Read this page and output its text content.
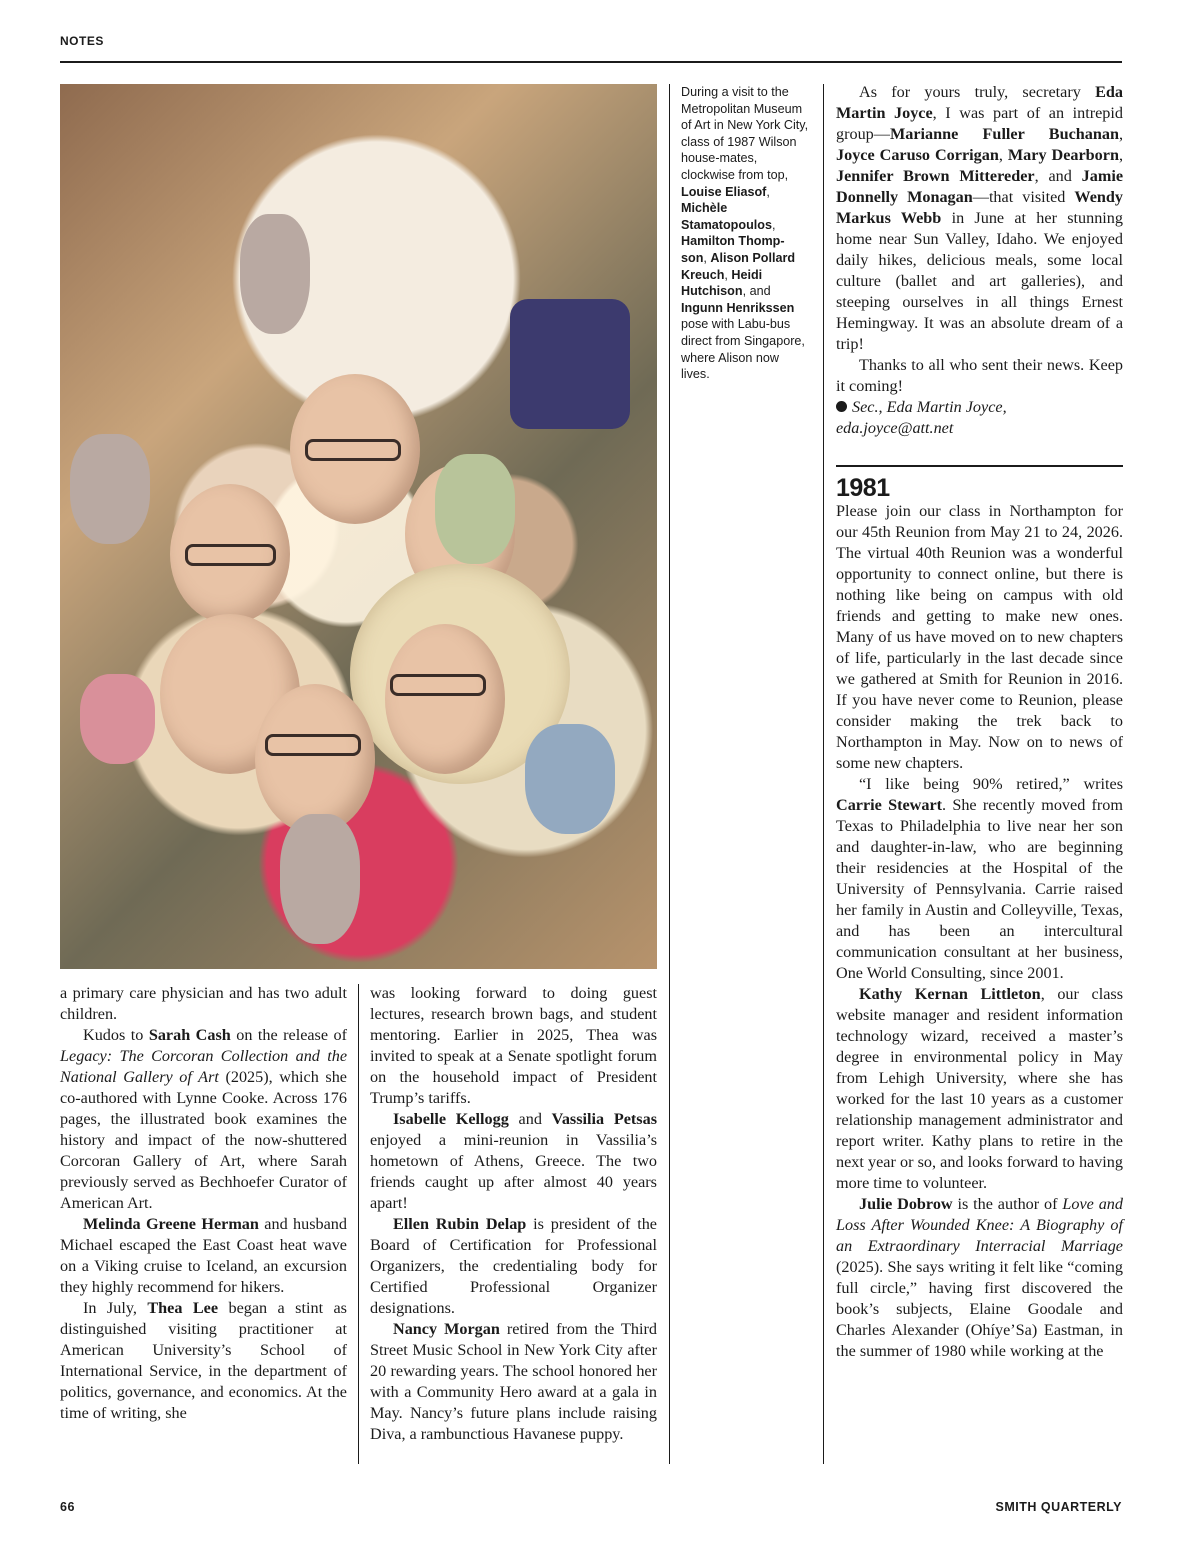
NOTES
During a visit to the Metropolitan Museum of Art in New York City, class of 1987 Wilson house-mates, clockwise from top, Louise Eliasof, Michèle Stamatopoulos, Hamilton Thomp-son, Alison Pollard Kreuch, Heidi Hutchison, and Ingunn Henrikssen pose with Labu-bus direct from Singapore, where Alison now lives.

a primary care physician and has two adult children.

Kudos to Sarah Cash on the release of Legacy: The Corcoran Collection and the National Gallery of Art (2025), which she co-authored with Lynne Cooke. Across 176 pages, the illustrated book examines the history and impact of the now-shuttered Corcoran Gallery of Art, where Sarah previously served as Bechhoefer Curator of American Art.

Melinda Greene Herman and husband Michael escaped the East Coast heat wave on a Viking cruise to Iceland, an excursion they highly recommend for hikers.

In July, Thea Lee began a stint as distinguished visiting practitioner at American University’s School of International Service, in the department of politics, governance, and economics. At the time of writing, she

was looking forward to doing guest lectures, research brown bags, and student mentoring. Earlier in 2025, Thea was invited to speak at a Senate spotlight forum on the household impact of President Trump’s tariffs.

Isabelle Kellogg and Vassilia Petsas enjoyed a mini-reunion in Vassilia’s hometown of Athens, Greece. The two friends caught up after almost 40 years apart!

Ellen Rubin Delap is president of the Board of Certification for Professional Organizers, the credentialing body for Certified Professional Organizer designations.

Nancy Morgan retired from the Third Street Music School in New York City after 20 rewarding years. The school honored her with a Community Hero award at a gala in May. Nancy’s future plans include raising Diva, a rambunctious Havanese puppy.

As for yours truly, secretary Eda Martin Joyce, I was part of an intrepid group—Marianne Fuller Buchanan, Joyce Caruso Corrigan, Mary Dearborn, Jennifer Brown Mittereder, and Jamie Donnelly Monagan—that visited Wendy Markus Webb in June at her stunning home near Sun Valley, Idaho. We enjoyed daily hikes, delicious meals, some local culture (ballet and art galleries), and steeping ourselves in all things Ernest Hemingway. It was an absolute dream of a trip!

Thanks to all who sent their news. Keep it coming!

Sec., Eda Martin Joyce,
eda.joyce@att.net

1981

Please join our class in Northampton for our 45th Reunion from May 21 to 24, 2026. The virtual 40th Reunion was a wonderful opportunity to connect online, but there is nothing like being on campus with old friends and getting to make new ones. Many of us have moved on to new chapters of life, particularly in the last decade since we gathered at Smith for Reunion in 2016. If you have never come to Reunion, please consider making the trek back to Northampton in May. Now on to news of some new chapters.

“I like being 90% retired,” writes Carrie Stewart. She recently moved from Texas to Philadelphia to live near her son and daughter-in-law, who are beginning their residencies at the Hospital of the University of Pennsylvania. Carrie raised her family in Austin and Colleyville, Texas, and has been an intercultural communication consultant at her business, One World Consulting, since 2001.

Kathy Kernan Littleton, our class website manager and resident information technology wizard, received a master’s degree in environmental policy in May from Lehigh University, where she has worked for the last 10 years as a customer relationship management administrator and report writer. Kathy plans to retire in the next year or so, and looks forward to having more time to volunteer.

Julie Dobrow is the author of Love and Loss After Wounded Knee: A Biography of an Extraordinary Interracial Marriage (2025). She says writing it felt like “coming full circle,” having first discovered the book’s subjects, Elaine Goodale and Charles Alexander (Ohíye’Sa) Eastman, in the summer of 1980 while working at the

66	SMITH QUARTERLY
